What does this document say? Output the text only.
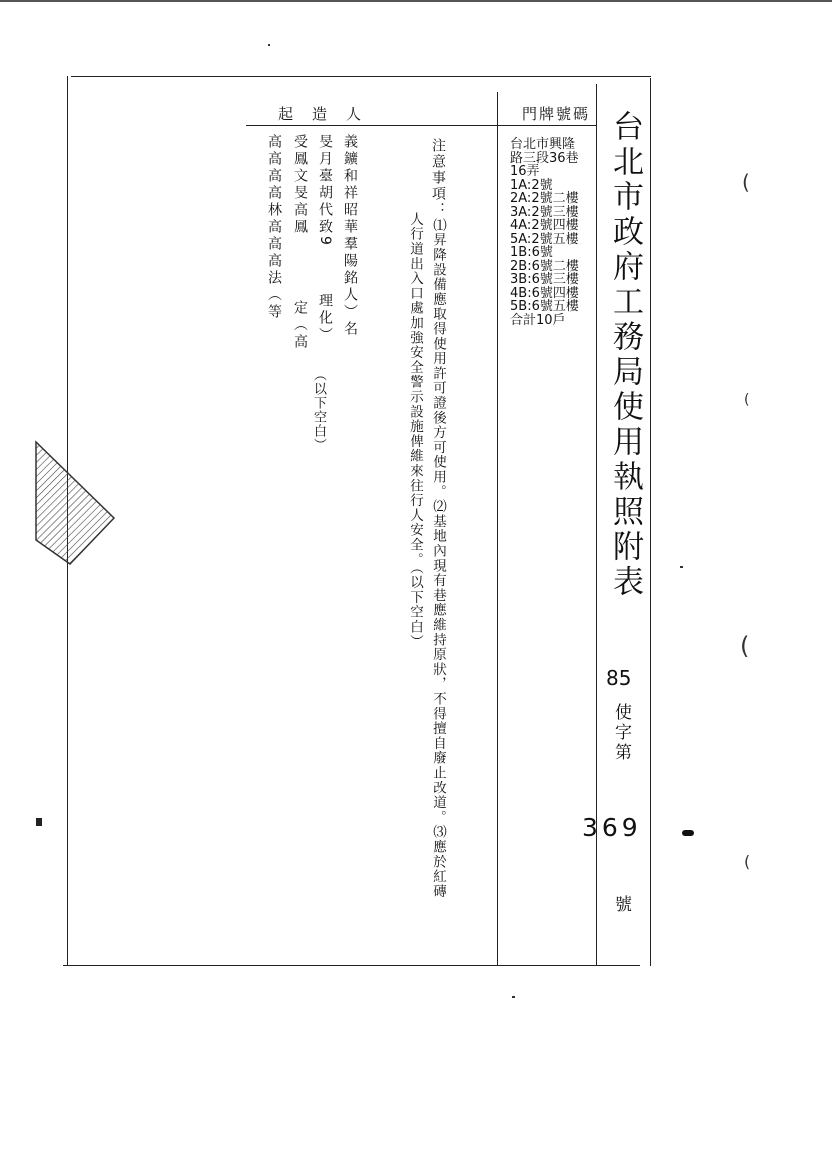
台北市政府工務局使用執照附表
門牌號碼
起　造　人
台北市興隆
路三段36巷
16弄
1A:2號
2A:2號二樓
3A:2號三樓
4A:2號四樓
5A:2號五樓
1B:6號
2B:6號二樓
3B:6號三樓
4B:6號四樓
5B:6號五樓
合計10戶
注意事項：
⑴昇降設備應取得使用許可證後方可使用。⑵基地內現有巷應維持原狀，不得擅自廢止改道。⑶應於紅磚
人行道出入口處加強安全警示設施俾維來往行人安全。（以下空白）
義鑛和祥昭華羣陽銘人）名
理化）
旻月臺胡代致9
（以下空白）
受鳳文旻高鳳
定（高
高高高高林高高高法（等
85
使字第
369
號
(
(
(
(
